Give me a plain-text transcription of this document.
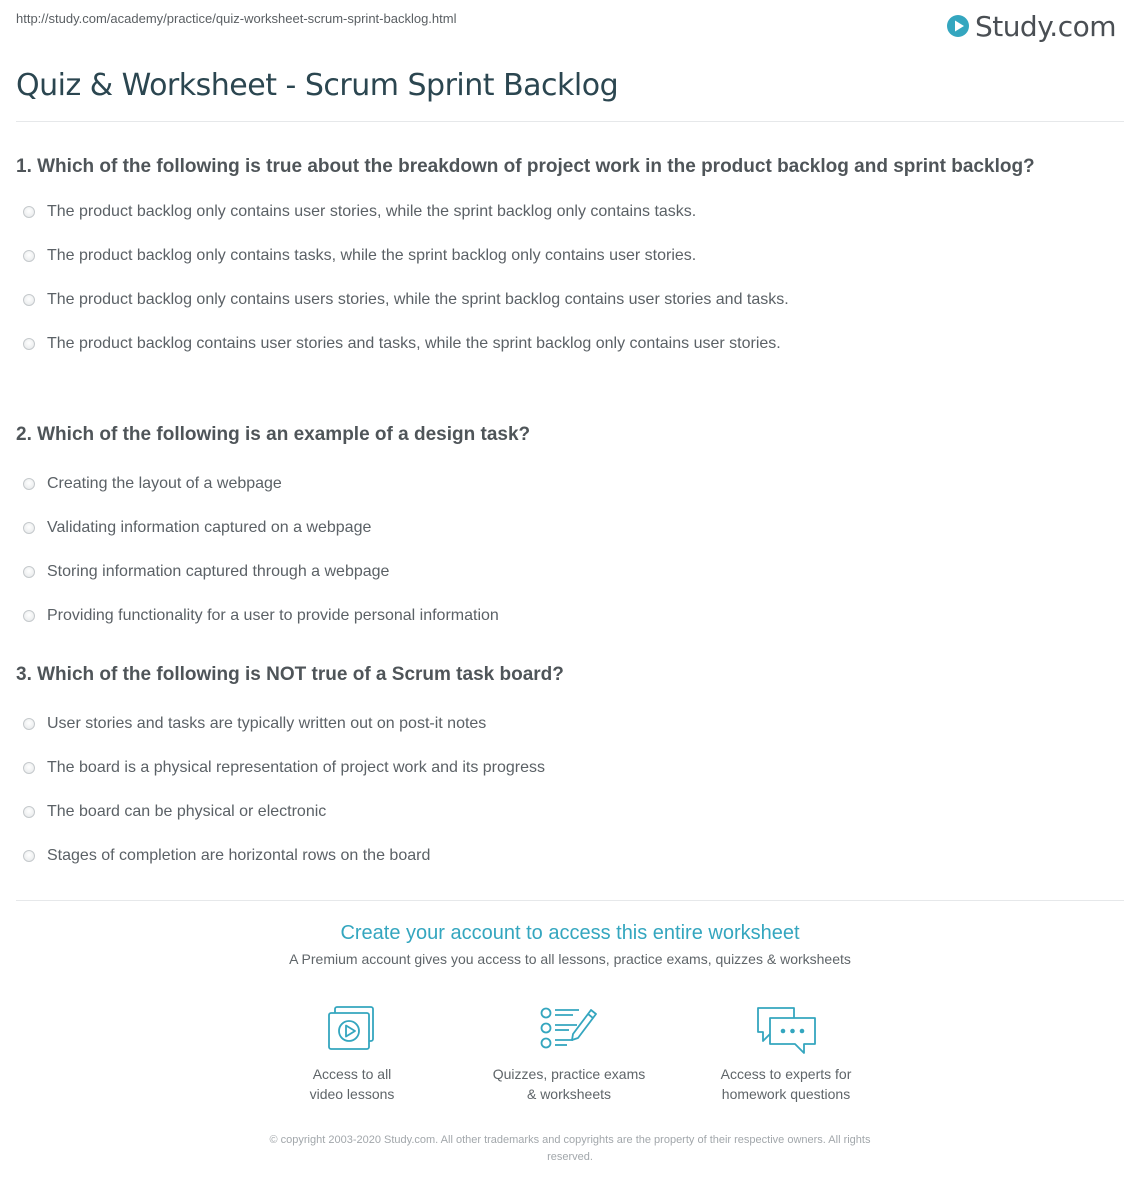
http://study.com/academy/practice/quiz-worksheet-scrum-sprint-backlog.html	Study.com
Quiz & Worksheet - Scrum Sprint Backlog

1. Which of the following is true about the breakdown of project work in the product backlog and sprint backlog?

The product backlog only contains user stories, while the sprint backlog only contains tasks.
The product backlog only contains tasks, while the sprint backlog only contains user stories.
The product backlog only contains users stories, while the sprint backlog contains user stories and tasks.
The product backlog contains user stories and tasks, while the sprint backlog only contains user stories.

2. Which of the following is an example of a design task?

Creating the layout of a webpage
Validating information captured on a webpage
Storing information captured through a webpage
Providing functionality for a user to provide personal information

3. Which of the following is NOT true of a Scrum task board?

User stories and tasks are typically written out on post-it notes
The board is a physical representation of project work and its progress
The board can be physical or electronic
Stages of completion are horizontal rows on the board
Create your account to access this entire worksheet

A Premium account gives you access to all lessons, practice exams, quizzes & worksheets

Access to all
video lessons
Quizzes, practice exams
& worksheets
Access to experts for
homework questions
© copyright 2003-2020 Study.com. All other trademarks and copyrights are the property of their respective owners. All rights
reserved.
